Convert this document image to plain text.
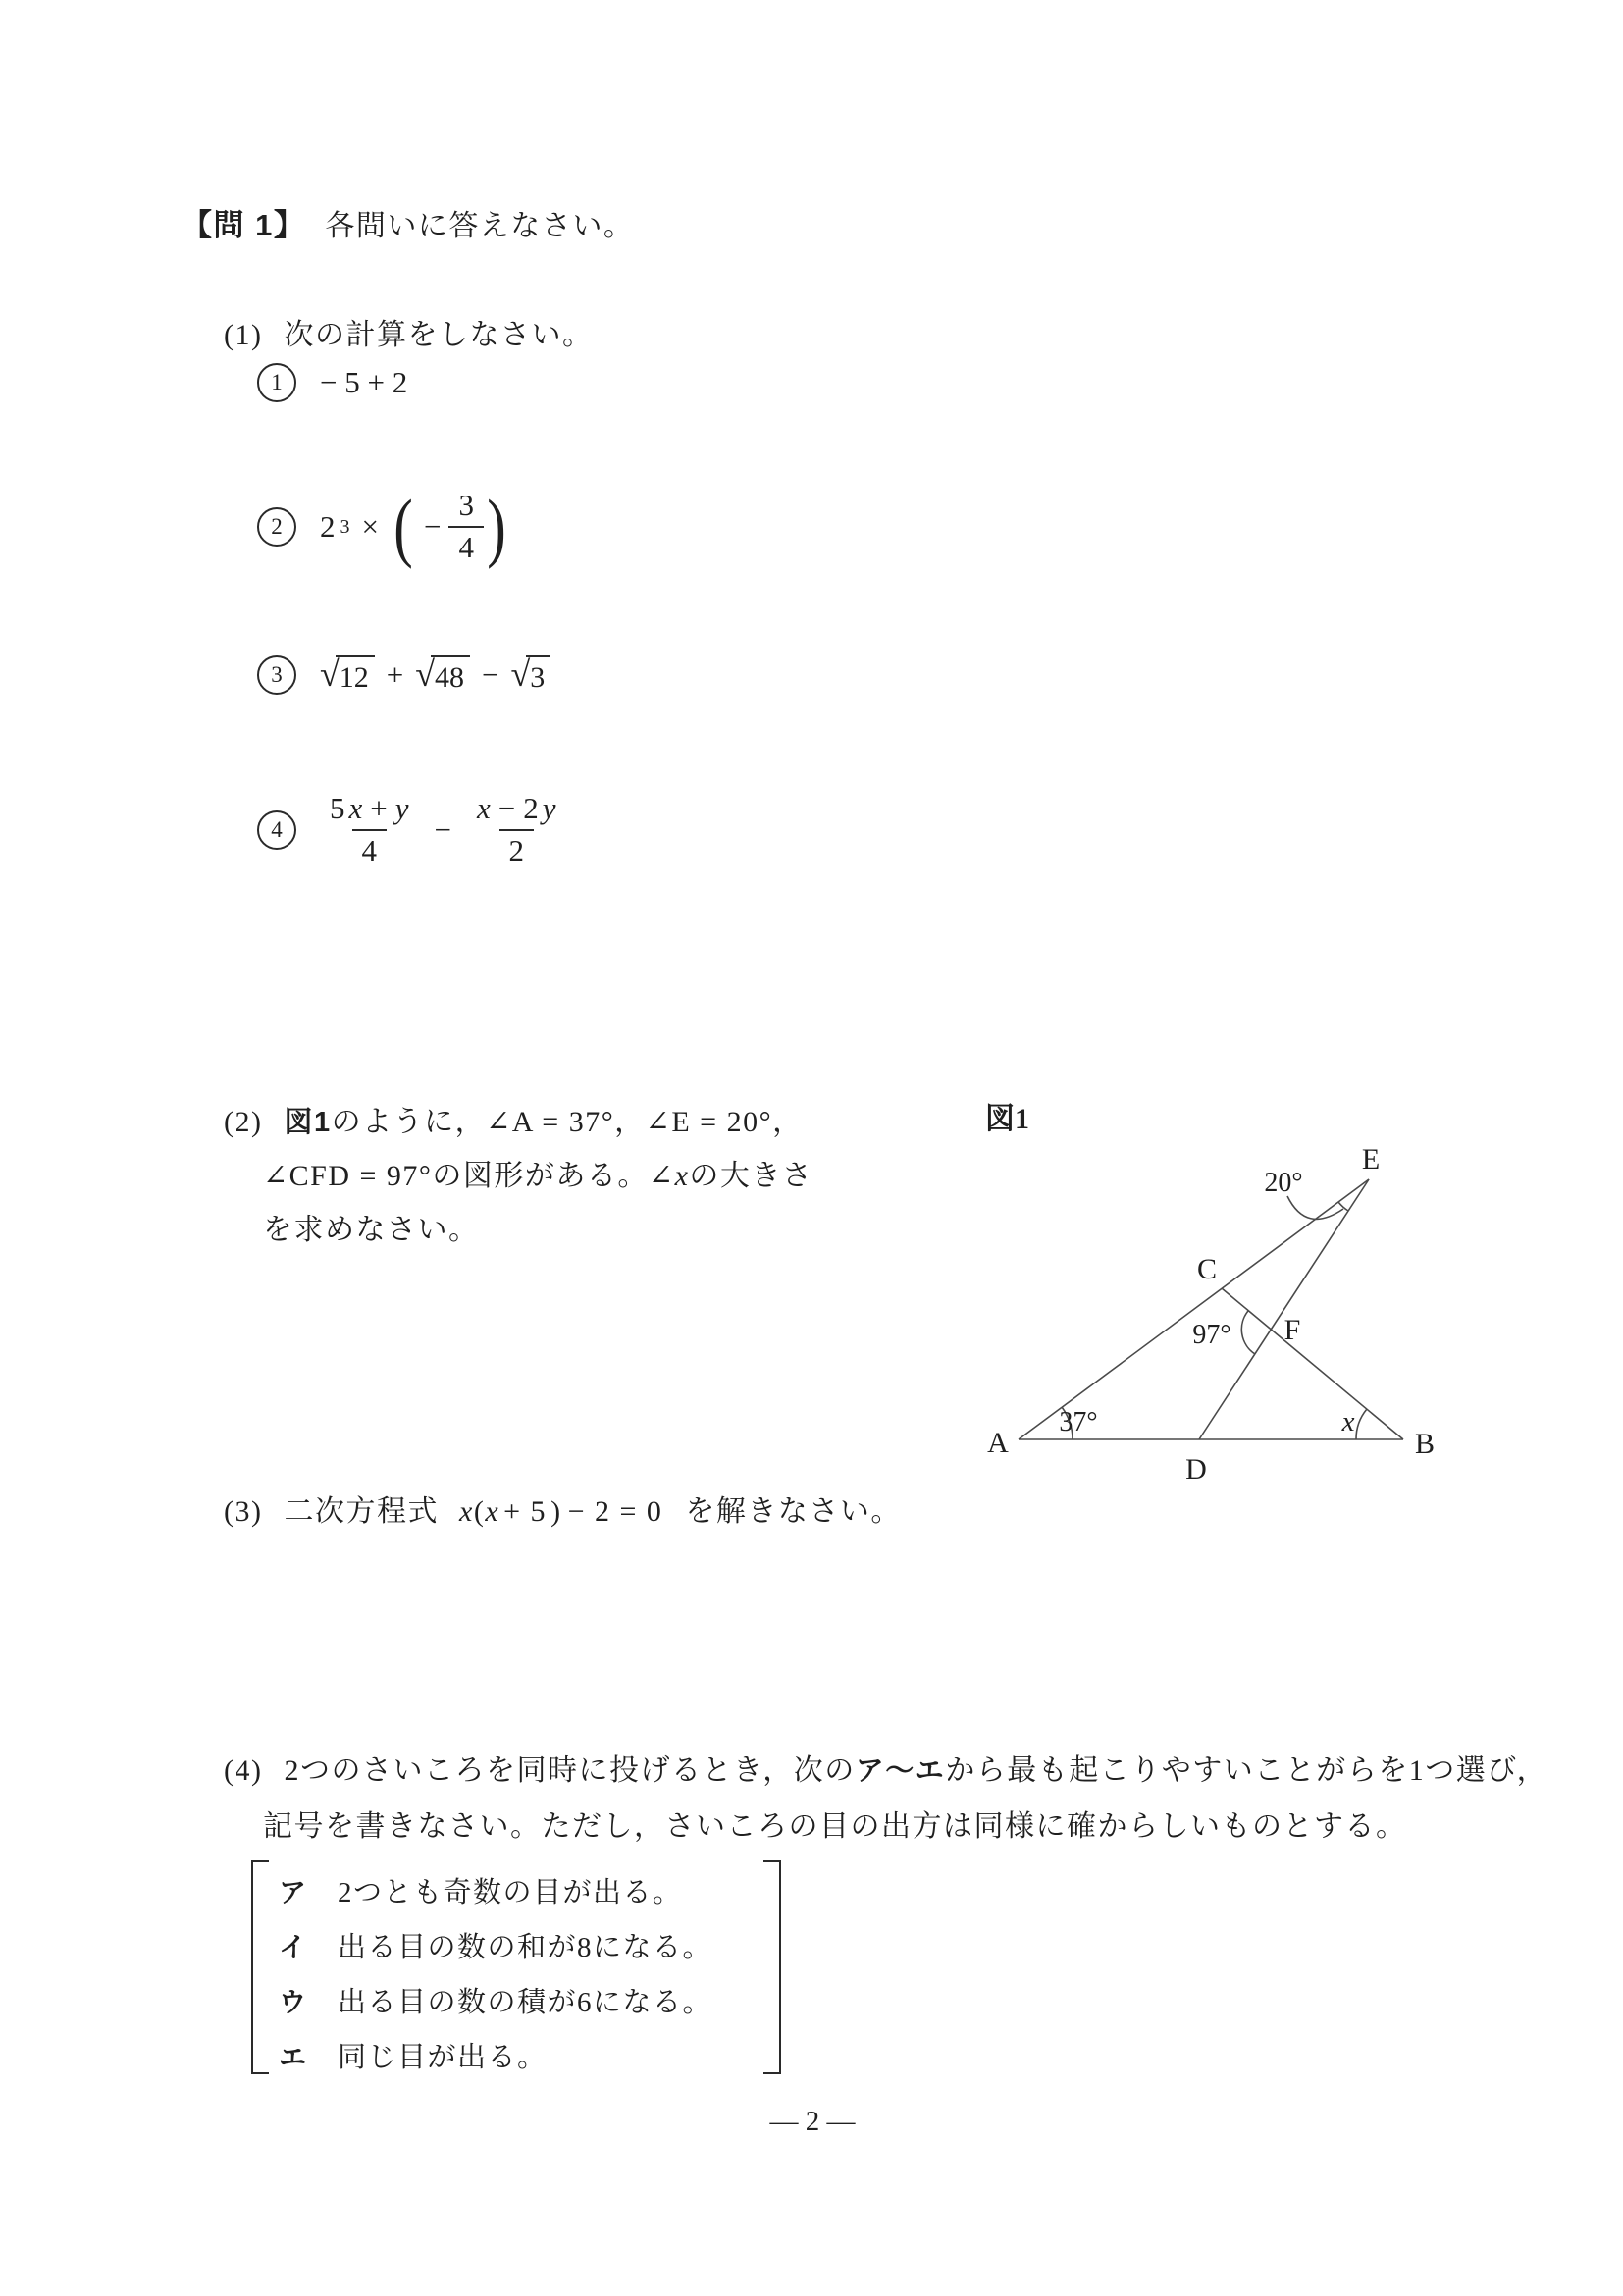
【問 1】 各問いに答えなさい。
(1) 次の計算をしなさい。
1	− 5 + 2
2	2 3 × ( − $\frac{3}{4}$ )
3	√ 12 + √ 48 − √ 3
4	$\frac{5 x + y}{4} - \frac{x - 2 y}{2}$
(2) 図1のように，∠A = 37°，∠E = 20°，
∠CFD = 97°の図形がある。∠xの大きさ
を求めなさい。
図1
A	B
C
D
E
F
37°
20°
97°
x
(3) 二次方程式 x(x + 5 ) − 2 = 0 を解きなさい。
(4) 2つのさいころを同時に投げるとき，次のア〜エから最も起こりやすいことがらを1つ選び，
記号を書きなさい。ただし，さいころの目の出方は同様に確からしいものとする。
ア	2つとも奇数の目が出る。
イ	出る目の数の和が8になる。
ウ	出る目の数の積が6になる。
エ	同じ目が出る。
— 2 —
